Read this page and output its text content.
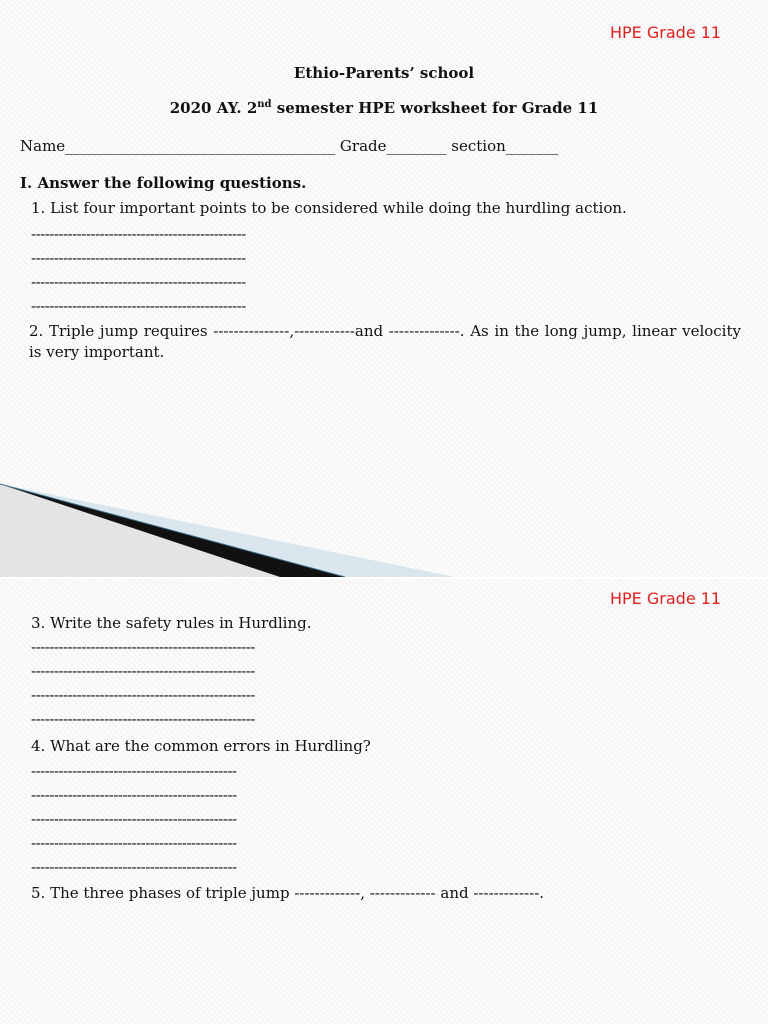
HPE Grade 11
Ethio-Parents’ school
2020 AY. 2nd semester HPE worksheet for Grade 11
Name____________________________________ Grade________ section_______
I. Answer the following questions.
1. List four important points to be considered while doing the hurdling action.
-----------------------------------------------
-----------------------------------------------
-----------------------------------------------
-----------------------------------------------
2. Triple jump requires ---------------,------------and --------------. As in the long jump, linear velocity is very important.
HPE Grade 11
3. Write the safety rules in Hurdling.
-------------------------------------------------
-------------------------------------------------
-------------------------------------------------
-------------------------------------------------
4. What are the common errors in Hurdling?
---------------------------------------------
---------------------------------------------
---------------------------------------------
---------------------------------------------
---------------------------------------------
5. The three phases of triple jump -------------, ------------- and -------------.
